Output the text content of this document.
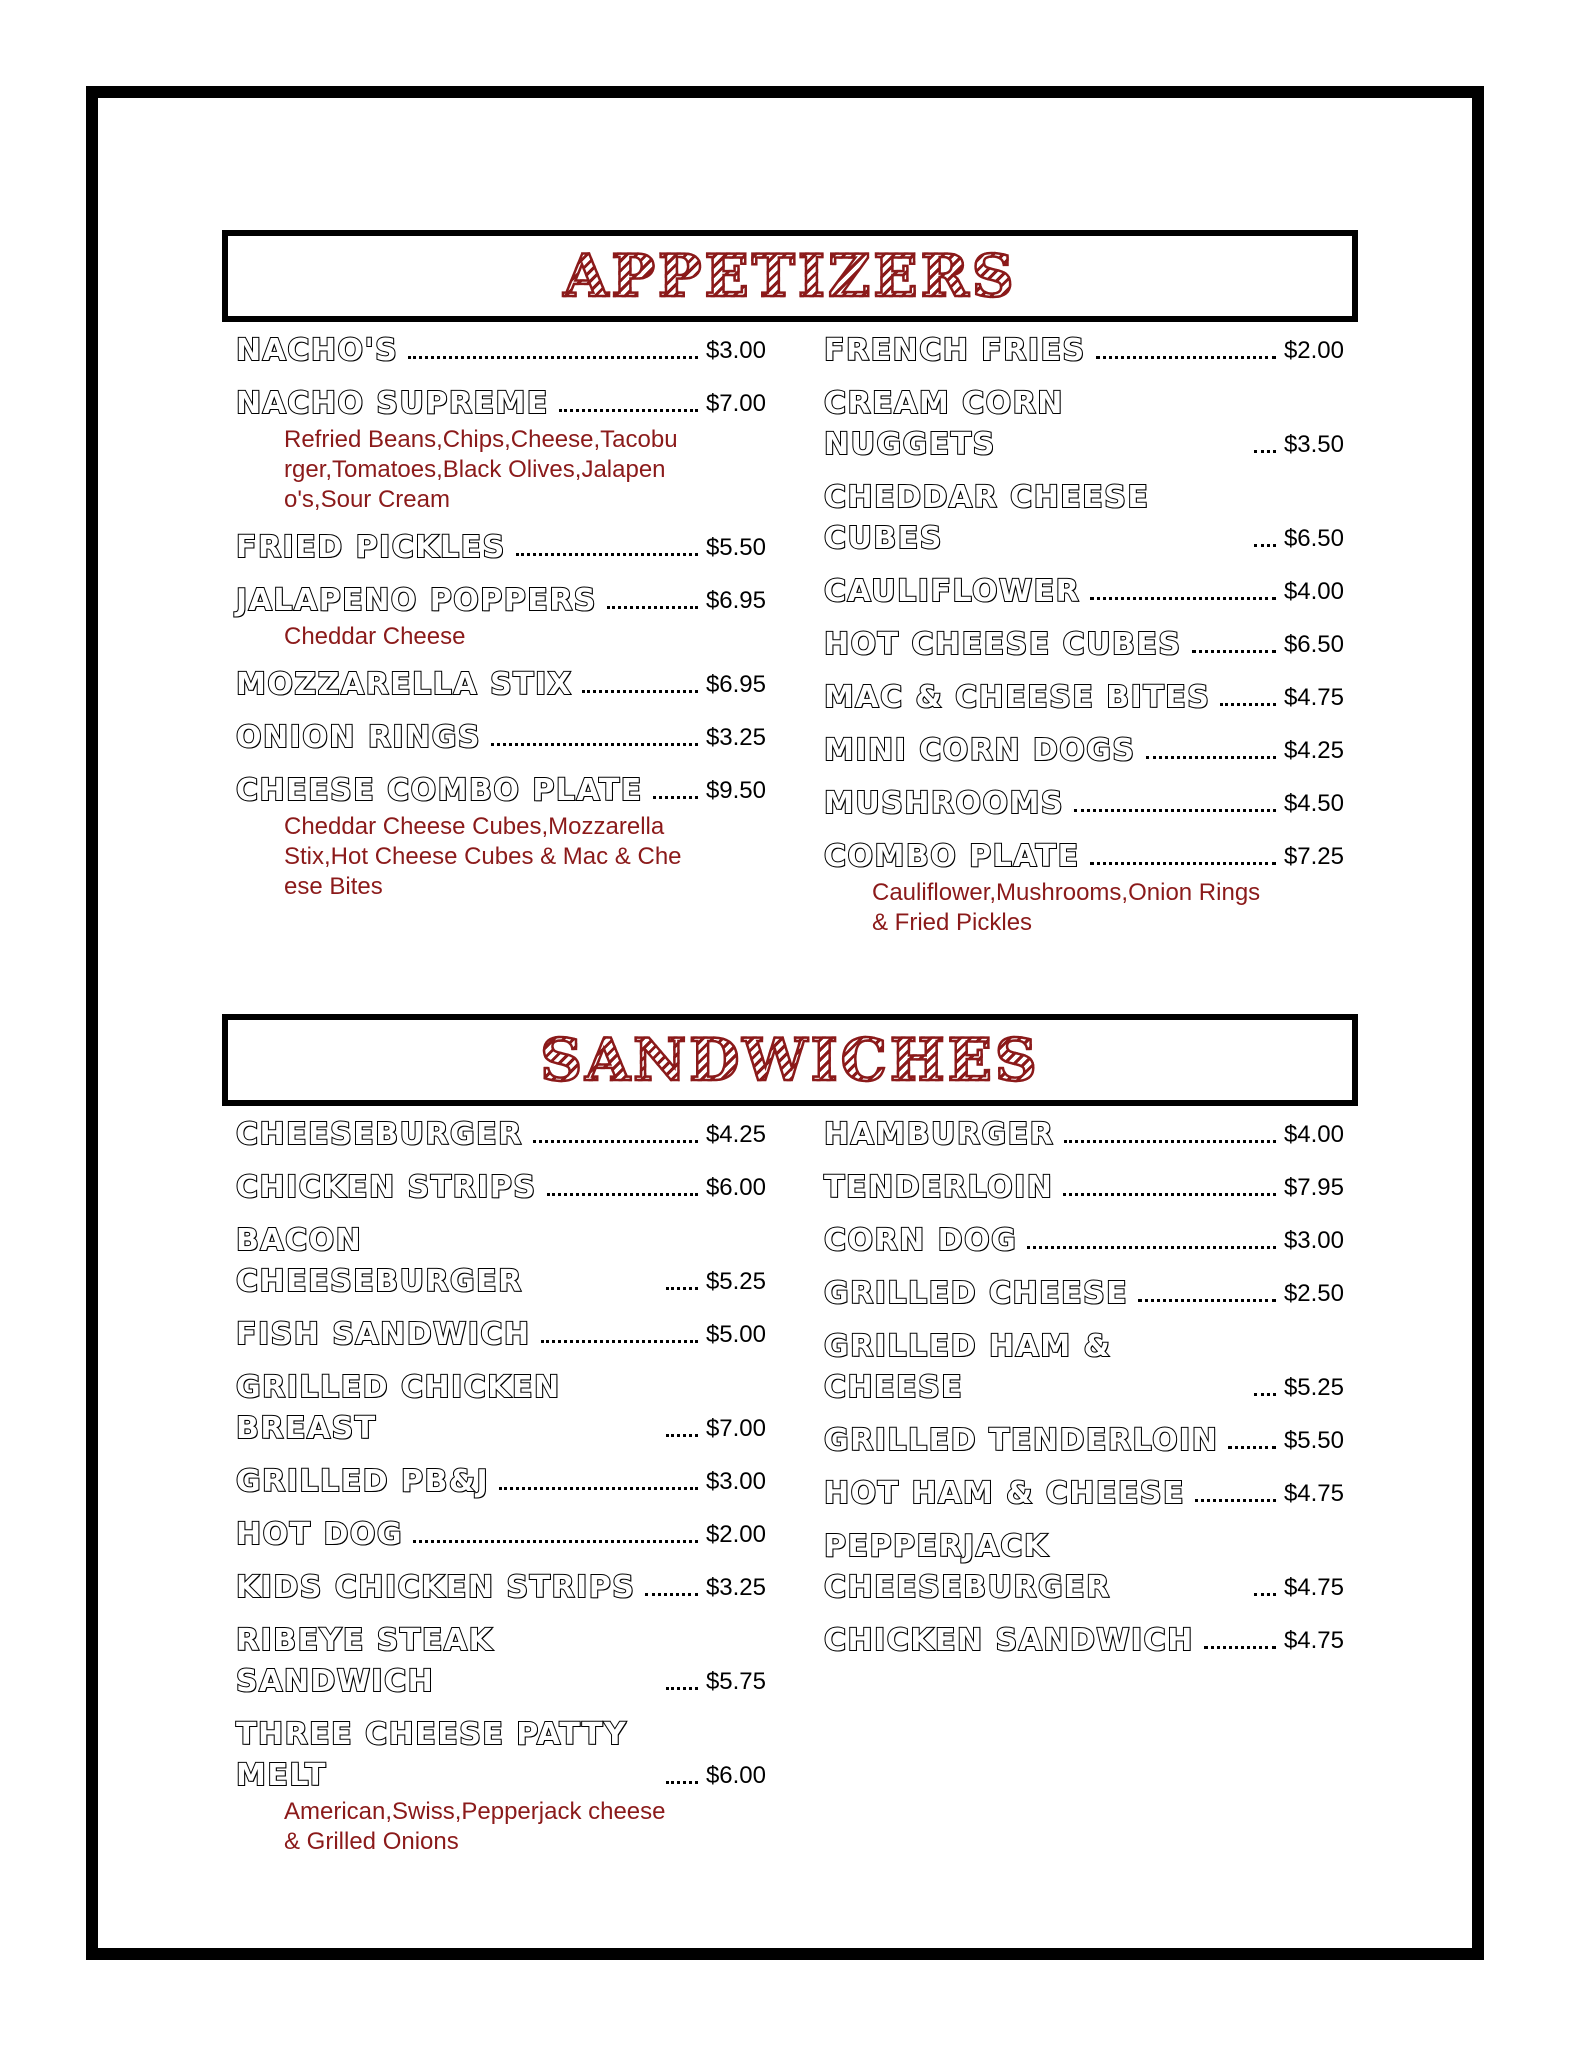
APPETIZERS
NACHO'S	$3.00
NACHO SUPREME	$7.00
Refried Beans,Chips,Cheese,Tacoburger,Tomatoes,Black Olives,Jalapeno's,Sour Cream
FRIED PICKLES	$5.50
JALAPENO POPPERS	$6.95
Cheddar Cheese
MOZZARELLA STIX	$6.95
ONION RINGS	$3.25
CHEESE COMBO PLATE	$9.50
Cheddar Cheese Cubes,Mozzarella Stix,Hot Cheese Cubes & Mac & Cheese Bites
FRENCH FRIES	$2.00
CREAM CORN NUGGETS	$3.50
CHEDDAR CHEESE CUBES	$6.50
CAULIFLOWER	$4.00
HOT CHEESE CUBES	$6.50
MAC & CHEESE BITES	$4.75
MINI CORN DOGS	$4.25
MUSHROOMS	$4.50
COMBO PLATE	$7.25
Cauliflower,Mushrooms,Onion Rings & Fried Pickles
SANDWICHES
CHEESEBURGER	$4.25
CHICKEN STRIPS	$6.00
BACON CHEESEBURGER	$5.25
FISH SANDWICH	$5.00
GRILLED CHICKEN BREAST	$7.00
GRILLED PB&J	$3.00
HOT DOG	$2.00
KIDS CHICKEN STRIPS	$3.25
RIBEYE STEAK SANDWICH	$5.75
THREE CHEESE PATTY MELT	$6.00
American,Swiss,Pepperjack cheese & Grilled Onions
HAMBURGER	$4.00
TENDERLOIN	$7.95
CORN DOG	$3.00
GRILLED CHEESE	$2.50
GRILLED HAM & CHEESE	$5.25
GRILLED TENDERLOIN	$5.50
HOT HAM & CHEESE	$4.75
PEPPERJACK CHEESEBURGER	$4.75
CHICKEN SANDWICH	$4.75
